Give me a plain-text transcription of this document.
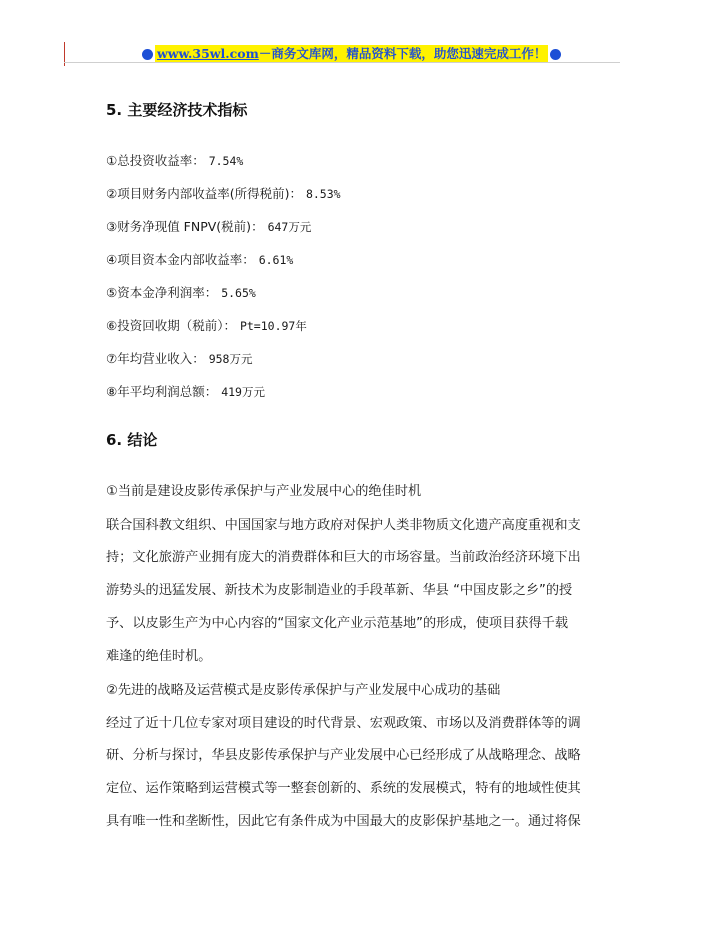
www.35wl.com－商务文库网，精品资料下载，助您迅速完成工作！
5. 主要经济技术指标
①总投资收益率： 7.54%
②项目财务内部收益率(所得税前)： 8.53%
③财务净现值 FNPV(税前)： 647万元
④项目资本金内部收益率： 6.61%
⑤资本金净利润率： 5.65%
⑥投资回收期（税前）： Pt=10.97年
⑦年均营业收入： 958万元
⑧年平均利润总额： 419万元
6. 结论
①当前是建设皮影传承保护与产业发展中心的绝佳时机
联合国科教文组织、中国国家与地方政府对保护人类非物质文化遗产高度重视和支
持；文化旅游产业拥有庞大的消费群体和巨大的市场容量。当前政治经济环境下出
游势头的迅猛发展、新技术为皮影制造业的手段革新、华县 “中国皮影之乡”的授
予、以皮影生产为中心内容的“国家文化产业示范基地”的形成，使项目获得千载
难逢的绝佳时机。
②先进的战略及运营模式是皮影传承保护与产业发展中心成功的基础
经过了近十几位专家对项目建设的时代背景、宏观政策、市场以及消费群体等的调
研、分析与探讨，华县皮影传承保护与产业发展中心已经形成了从战略理念、战略
定位、运作策略到运营模式等一整套创新的、系统的发展模式，特有的地域性使其
具有唯一性和垄断性，因此它有条件成为中国最大的皮影保护基地之一。通过将保
